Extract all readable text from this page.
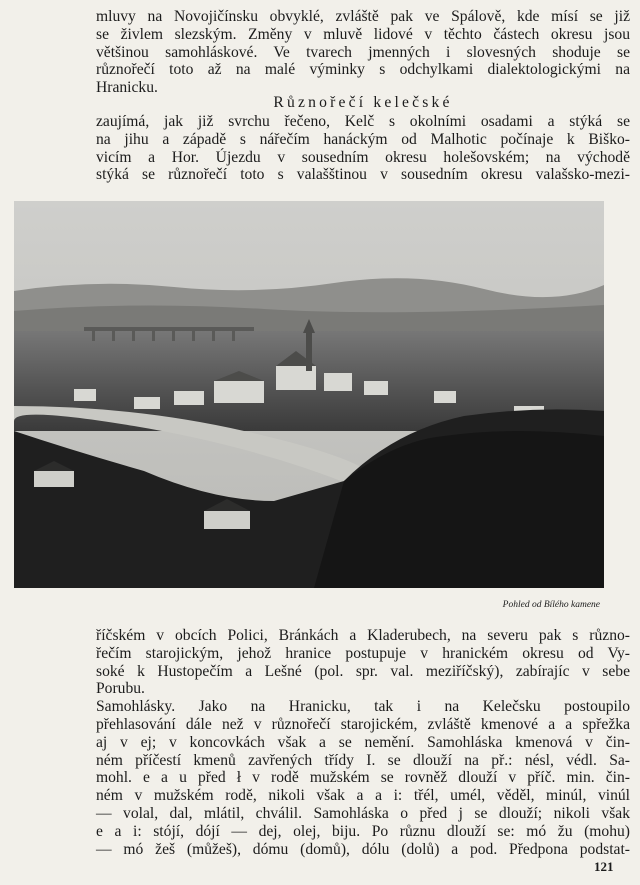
mluvy na Novojičínsku obvyklé, zvláště pak ve Spálově, kde mísí se již

se živlem slezským. Změny v mluvě lidové v těchto částech okresu jsou

většinou samohláskové. Ve tvarech jmenných i slovesných shoduje se

různořečí toto až na malé výminky s odchylkami dialektologickými na

Hranicku.

Různořečí kelečské

zaujímá, jak již svrchu řečeno, Kelč s okolními osadami a stýká se

na jihu a západě s nářečím hanáckým od Malhotic počínaje k Biško-

vicím a Hor. Újezdu v sousedním okresu holešovském; na východě

stýká se různořečí toto s valašštinou v sousedním okresu valašsko-mezi-

Pohled od Bílého kamene

říčském v obcích Polici, Bránkách a Kladerubech, na severu pak s různo-

řečím starojickým, jehož hranice postupuje v hranickém okresu od Vy-

soké k Hustopečím a Lešné (pol. spr. val. meziříčský), zabírajíc v sebe

Porubu.

Samohlásky. Jako na Hranicku, tak i na Kelečsku postoupilo

přehlasování dále než v různořečí starojickém, zvláště kmenové a a spřežka

aj v ej; v koncovkách však a se nemění. Samohláska kmenová v čin-

ném příčestí kmenů zavřených třídy I. se dlouží na př.: nésl, védl. Sa-

mohl. e a u před ł v rodě mužském se rovněž dlouží v příč. min. čin-

ném v mužském rodě, nikoli však a a i: třél, umél, věděl, minúl, vinúl

— volal, dal, mlátil, chválil. Samohláska o před j se dlouží; nikoli však

e a i: stójí, dójí — dej, olej, biju. Po různu dlouží se: mó žu (mohu)

— mó žeš (můžeš), dómu (domů), dólu (dolů) a pod. Předpona podstat-

121
